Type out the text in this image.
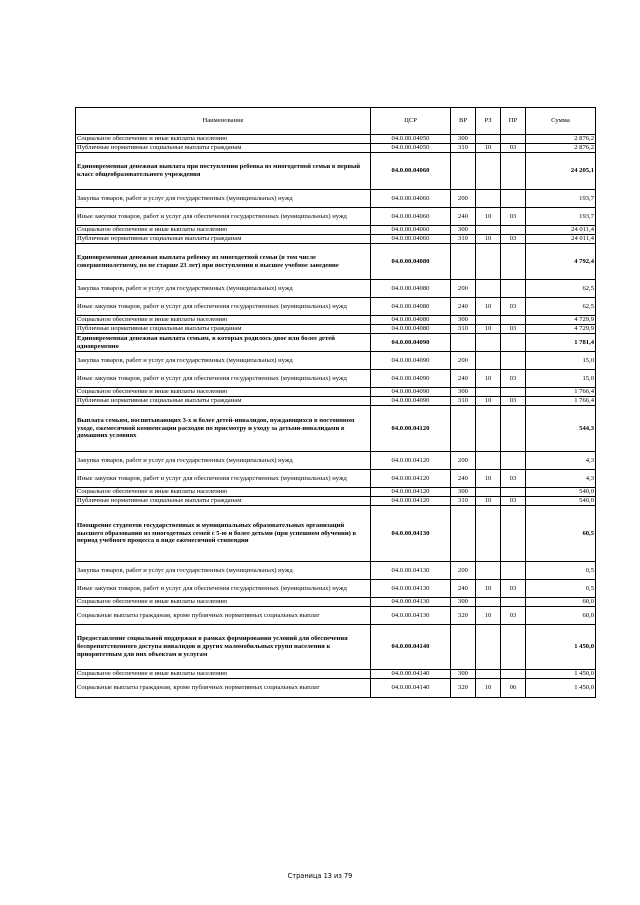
Наименование	ЦСР	ВР	РЗ	ПР	Сумма
Социальное обеспечение и иные выплаты населению	04.0.00.04050	300			2 876,2
Публичные нормативные социальные выплаты гражданам	04.0.00.04050	310	10	03	2 876,2
Единовременная денежная выплата при поступлении ребенка из многодетной семьи в первый класс общеобразовательного учреждения	04.0.00.04060				24 205,1
Закупка товаров, работ и услуг для государственных (муниципальных) нужд	04.0.00.04060	200			193,7
Иные закупки товаров, работ и услуг для обеспечения государственных (муниципальных) нужд	04.0.00.04060	240	10	03	193,7
Социальное обеспечение и иные выплаты населению	04.0.00.04060	300			24 011,4
Публичные нормативные социальные выплаты гражданам	04.0.00.04060	310	10	03	24 011,4
Единовременная денежная выплата ребенку из многодетной семьи (в том числе совершеннолетнему, но не старше 23 лет) при поступлении в высшее учебное заведение	04.0.00.04080				4 792,4
Закупка товаров, работ и услуг для государственных (муниципальных) нужд	04.0.00.04080	200			62,5
Иные закупки товаров, работ и услуг для обеспечения государственных (муниципальных) нужд	04.0.00.04080	240	10	03	62,5
Социальное обеспечение и иные выплаты населению	04.0.00.04080	300			4 729,9
Публичные нормативные социальные выплаты гражданам	04.0.00.04080	310	10	03	4 729,9
Единовременная денежная выплата семьям, в которых родилось двое или более детей одновременно	04.0.00.04090				1 781,4
Закупка товаров, работ и услуг для государственных (муниципальных) нужд	04.0.00.04090	200			15,0
Иные закупки товаров, работ и услуг для обеспечения государственных (муниципальных) нужд	04.0.00.04090	240	10	03	15,0
Социальное обеспечение и иные выплаты населению	04.0.00.04090	300			1 766,4
Публичные нормативные социальные выплаты гражданам	04.0.00.04090	310	10	03	1 766,4
Выплата семьям, воспитывающих 3-х и более детей-инвалидов, нуждающихся в постоянном уходе, ежемесячной компенсации расходов по присмотру и уходу за детьми-инвалидами в домашних условиях	04.0.00.04120				544,3
Закупка товаров, работ и услуг для государственных (муниципальных) нужд	04.0.00.04120	200			4,3
Иные закупки товаров, работ и услуг для обеспечения государственных (муниципальных) нужд	04.0.00.04120	240	10	03	4,3
Социальное обеспечение и иные выплаты населению	04.0.00.04120	300			540,0
Публичные нормативные социальные выплаты гражданам	04.0.00.04120	310	10	03	540,0
Поощрение студентов государственных и муниципальных образовательных организаций высшего образования из многодетных семей с 5-ю и более детьми (при успешном обучении) в период учебного процесса в виде ежемесячной стипендии	04.0.00.04130				60,5
Закупка товаров, работ и услуг для государственных (муниципальных) нужд	04.0.00.04130	200			0,5
Иные закупки товаров, работ и услуг для обеспечения государственных (муниципальных) нужд	04.0.00.04130	240	10	03	0,5
Социальное обеспечение и иные выплаты населению	04.0.00.04130	300			60,0
Социальные выплаты гражданам, кроме публичных нормативных социальных выплат	04.0.00.04130	320	10	03	60,0
Предоставление социальной поддержки в рамках формирования условий для обеспечения беспрепятственного доступа инвалидов и других маломобильных групп населения к приоритетным для них объектам и услугам	04.0.00.04140				1 450,0
Социальное обеспечение и иные выплаты населению	04.0.00.04140	300			1 450,0
Социальные выплаты гражданам, кроме публичных нормативных социальных выплат	04.0.00.04140	320	10	06	1 450,0
Страница 13 из 79
